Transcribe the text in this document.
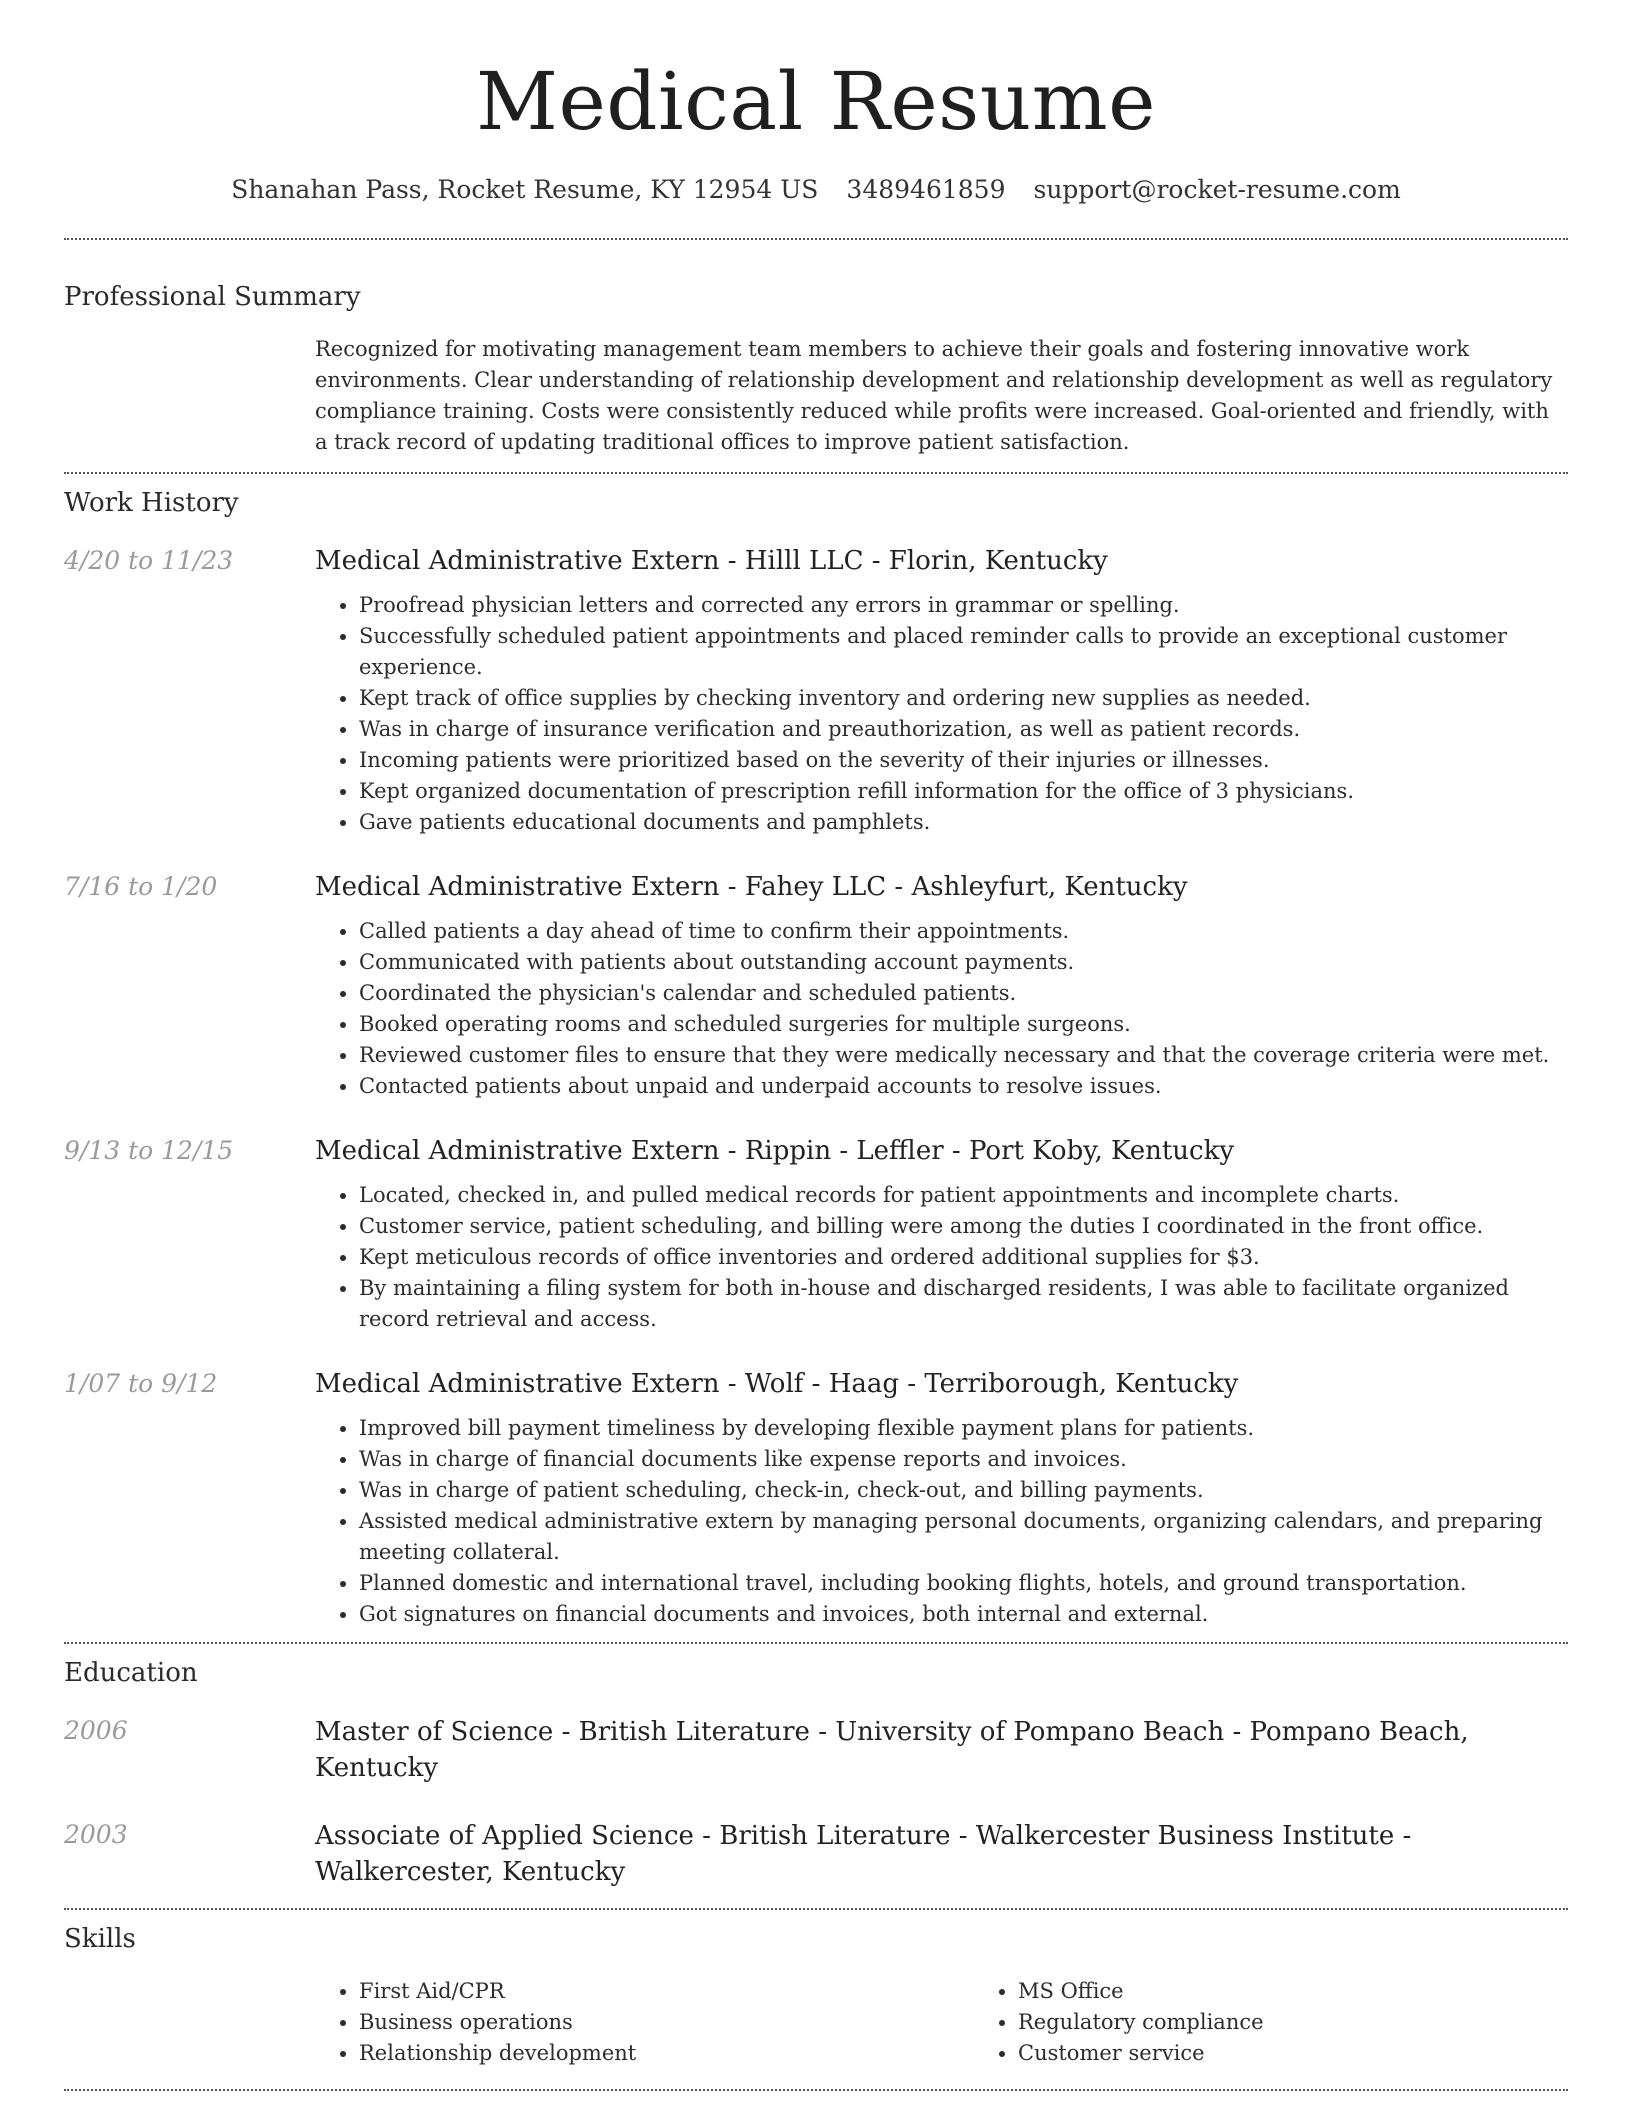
Medical Resume
Shanahan Pass, Rocket Resume, KY 12954 US 3489461859 support@rocket-resume.com
Professional Summary

Recognized for motivating management team members to achieve their goals and fostering innovative work environments. Clear understanding of relationship development and relationship development as well as regulatory compliance training. Costs were consistently reduced while profits were increased. Goal-oriented and friendly, with a track record of updating traditional offices to improve patient satisfaction.

Work History
4/20 to 11/23	Medical Administrative Extern - Hilll LLC - Florin, Kentucky

• Proofread physician letters and corrected any errors in grammar or spelling.
• Successfully scheduled patient appointments and placed reminder calls to provide an exceptional customer experience.
• Kept track of office supplies by checking inventory and ordering new supplies as needed.
• Was in charge of insurance verification and preauthorization, as well as patient records.
• Incoming patients were prioritized based on the severity of their injuries or illnesses.
• Kept organized documentation of prescription refill information for the office of 3 physicians.
• Gave patients educational documents and pamphlets.
7/16 to 1/20	Medical Administrative Extern - Fahey LLC - Ashleyfurt, Kentucky

• Called patients a day ahead of time to confirm their appointments.
• Communicated with patients about outstanding account payments.
• Coordinated the physician's calendar and scheduled patients.
• Booked operating rooms and scheduled surgeries for multiple surgeons.
• Reviewed customer files to ensure that they were medically necessary and that the coverage criteria were met.
• Contacted patients about unpaid and underpaid accounts to resolve issues.
9/13 to 12/15	Medical Administrative Extern - Rippin - Leffler - Port Koby, Kentucky

• Located, checked in, and pulled medical records for patient appointments and incomplete charts.
• Customer service, patient scheduling, and billing were among the duties I coordinated in the front office.
• Kept meticulous records of office inventories and ordered additional supplies for $3.
• By maintaining a filing system for both in-house and discharged residents, I was able to facilitate organized record retrieval and access.
1/07 to 9/12	Medical Administrative Extern - Wolf - Haag - Terriborough, Kentucky

• Improved bill payment timeliness by developing flexible payment plans for patients.
• Was in charge of financial documents like expense reports and invoices.
• Was in charge of patient scheduling, check-in, check-out, and billing payments.
• Assisted medical administrative extern by managing personal documents, organizing calendars, and preparing meeting collateral.
• Planned domestic and international travel, including booking flights, hotels, and ground transportation.
• Got signatures on financial documents and invoices, both internal and external.
Education
2006	Master of Science - British Literature - University of Pompano Beach - Pompano Beach, Kentucky

2003	Associate of Applied Science - British Literature - Walkercester Business Institute - Walkercester, Kentucky

Skills
• First Aid/CPR
• Business operations
• Relationship development
• MS Office
• Regulatory compliance
• Customer service
